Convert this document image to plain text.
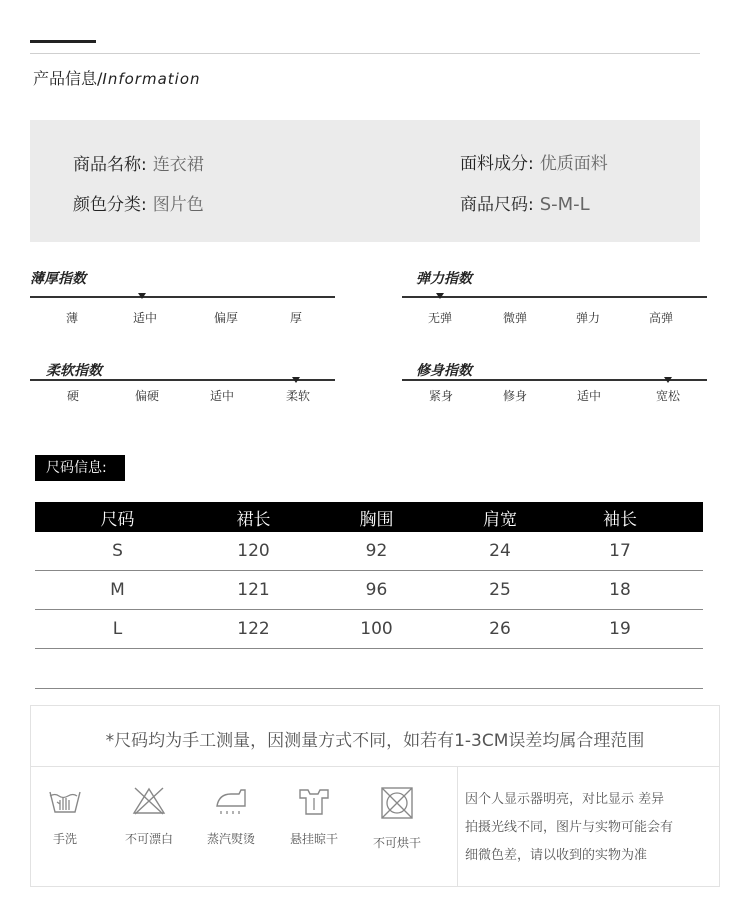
产品信息/Information
商品名称: 连衣裙	面料成分: 优质面料
颜色分类: 图片色	商品尺码: S-M-L
薄厚指数
薄	适中	偏厚	厚
弹力指数
无弹	微弹	弹力	高弹
柔软指数
硬	偏硬	适中	柔软
修身指数
紧身	修身	适中	宽松
尺码信息:
尺码	裙长	胸围	肩宽	袖长
S	120	92	24	17
M	121	96	25	18
L	122	100	26	19
*尺码均为手工测量，因测量方式不同，如若有1-3CM误差均属合理范围
手洗	不可漂白	蒸汽熨烫	悬挂晾干	不可烘干
因个人显示器明亮，对比显示 差异
拍摄光线不同，图片与实物可能会有
细微色差，请以收到的实物为准
